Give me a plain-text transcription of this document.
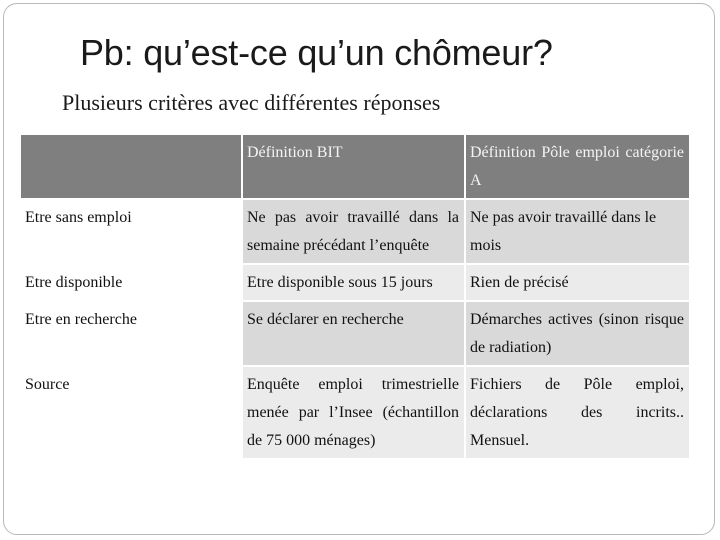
Pb: qu’est-ce qu’un chômeur?
Plusieurs critères avec différentes réponses
	Définition BIT	Définition Pôle emploi catégorie A
Etre sans emploi	Ne pas avoir travaillé dans la semaine précédant l’enquête	Ne pas avoir travaillé dans le mois
Etre disponible	Etre disponible sous 15 jours	Rien de précisé
Etre en recherche	Se déclarer en recherche	Démarches actives (sinon risque de radiation)
Source	Enquête emploi trimestrielle menée par l’Insee (échantillon de 75 000 ménages)	Fichiers de Pôle emploi, déclarations des incrits.. Mensuel.
